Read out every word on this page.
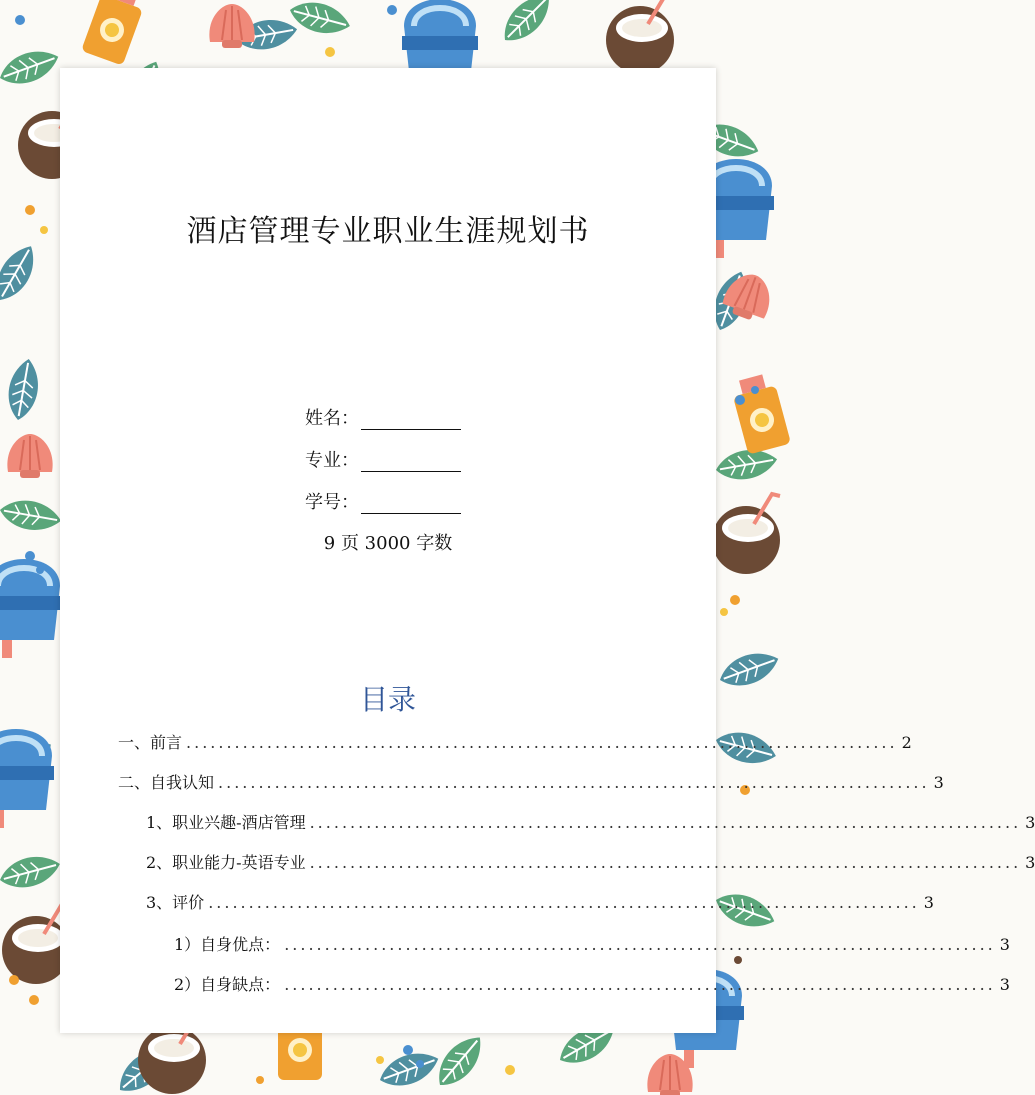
酒店管理专业职业生涯规划书
姓名：
专业：
学号：
9 页 3000 字数
目录
一、前言 ........................................................................................ 2
二、自我认知 ........................................................................................ 3
1、职业兴趣-酒店管理 ........................................................................................ 3
2、职业能力-英语专业 ........................................................................................ 3
3、评价 ........................................................................................ 3
1）自身优点： ........................................................................................ 3
2）自身缺点： ........................................................................................ 3
